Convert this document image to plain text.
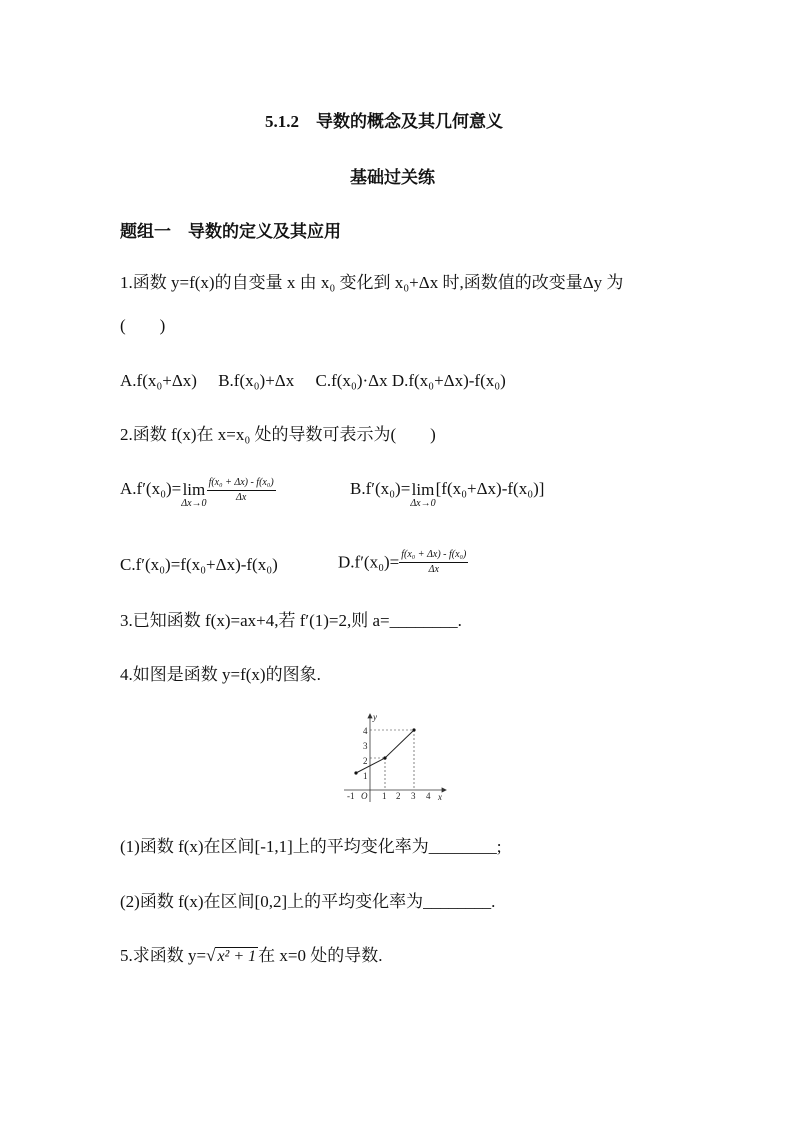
5.1.2　导数的概念及其几何意义
基础过关练
题组一　导数的定义及其应用
1.函数 y=f(x)的自变量 x 由 x₀ 变化到 x₀+Δx 时,函数值的改变量Δy 为
(　　)
A.f(x₀+Δx)　 B.f(x₀)+Δx　 C.f(x₀)·Δx D.f(x₀+Δx)-f(x₀)
2.函数 f(x)在 x=x₀ 处的导数可表示为(　　)
A.f′(x₀)= lim
$\Delta x\to 0 \frac{\text{f(x₀ + Δx) - f(x₀)}}{\Delta x}$	B.f′(x₀)= lim
Δx→0
[f(x₀+Δx)-f(x₀)]
C.f′(x₀)=f(x₀+Δx)-f(x₀)	$D.f'(x_0)= \frac{\text{f(x₀ + Δx) - f(x₀)}}{\Delta x}$
3.已知函数 f(x)=ax+4,若 f′(1)=2,则 a=________.
4.如图是函数 y=f(x)的图象.
y
x
O
-1	1 2 3 4
1
2
3
4
(1)函数 f(x)在区间[-1,1]上的平均变化率为________;
(2)函数 f(x)在区间[0,2]上的平均变化率为________.
5.求函数 y=√ x² + 1 在 x=0 处的导数.
